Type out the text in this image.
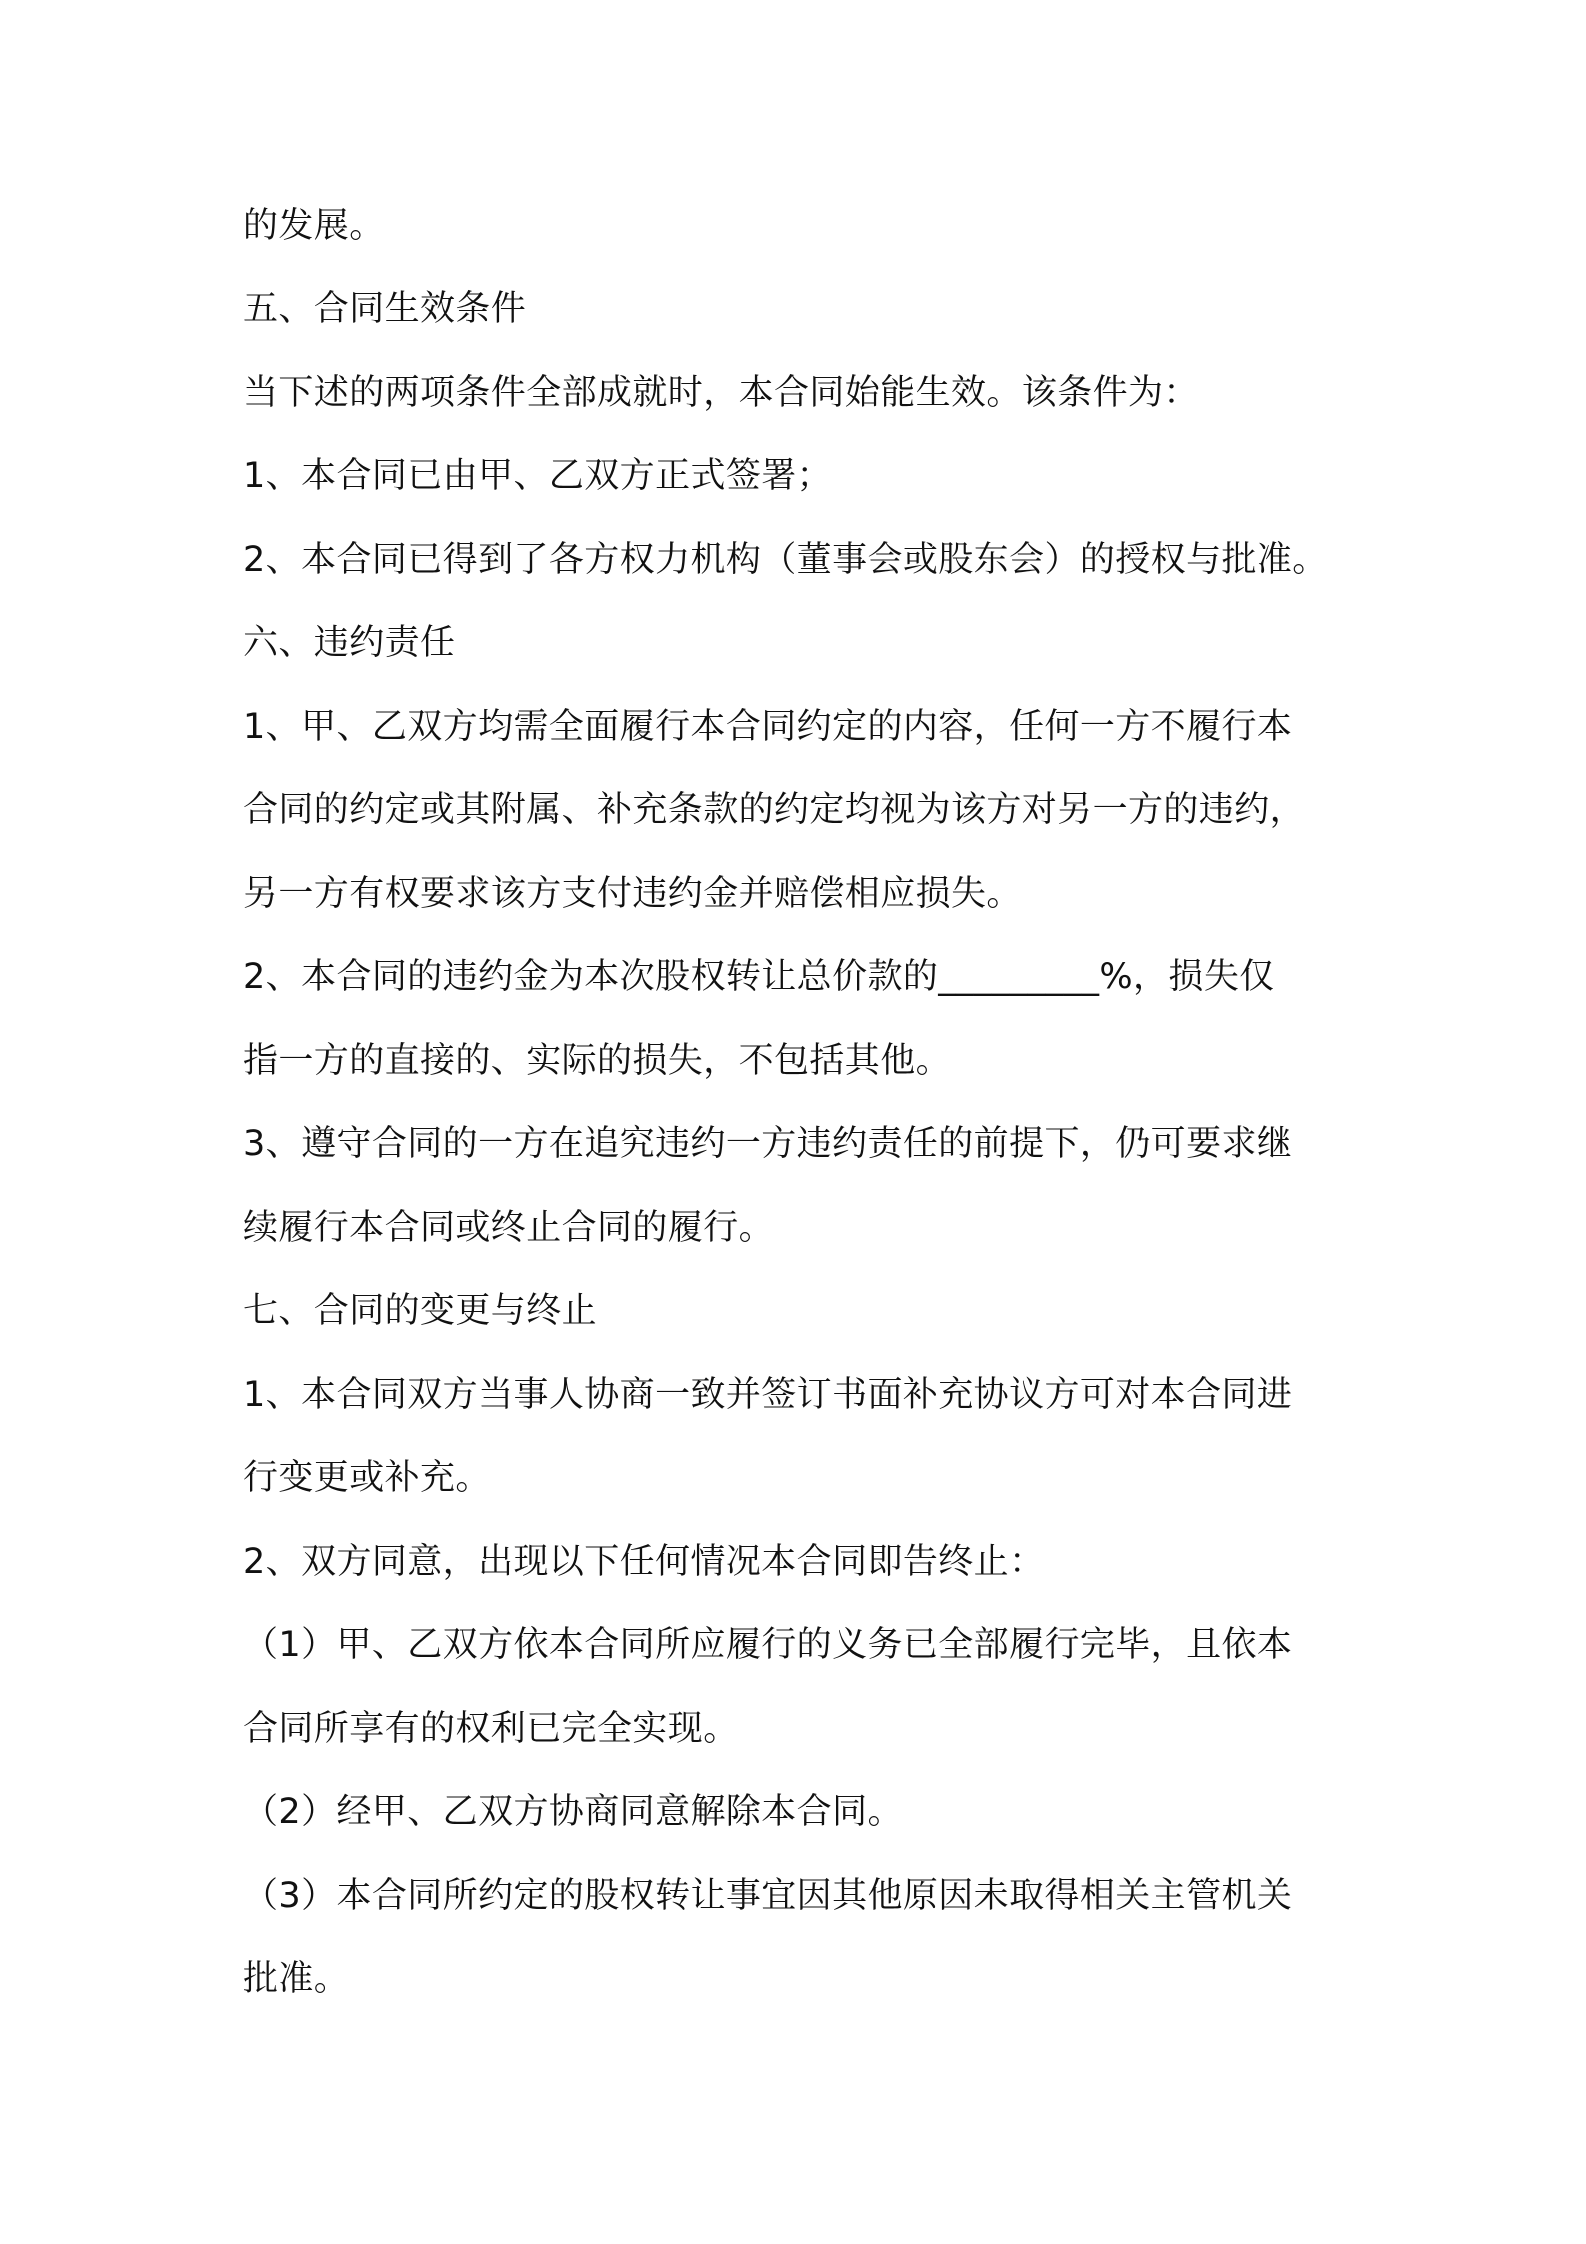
的发展。

五、合同生效条件

当下述的两项条件全部成就时，本合同始能生效。该条件为：

1、本合同已由甲、乙双方正式签署；

2、本合同已得到了各方权力机构（董事会或股东会）的授权与批准。

六、违约责任

1、甲、乙双方均需全面履行本合同约定的内容，任何一方不履行本

合同的约定或其附属、补充条款的约定均视为该方对另一方的违约，

另一方有权要求该方支付违约金并赔偿相应损失。

2、本合同的违约金为本次股权转让总价款的_________%，损失仅

指一方的直接的、实际的损失，不包括其他。

3、遵守合同的一方在追究违约一方违约责任的前提下，仍可要求继

续履行本合同或终止合同的履行。

七、合同的变更与终止

1、本合同双方当事人协商一致并签订书面补充协议方可对本合同进

行变更或补充。

2、双方同意，出现以下任何情况本合同即告终止：

（1）甲、乙双方依本合同所应履行的义务已全部履行完毕，且依本

合同所享有的权利已完全实现。

（2）经甲、乙双方协商同意解除本合同。

（3）本合同所约定的股权转让事宜因其他原因未取得相关主管机关

批准。
